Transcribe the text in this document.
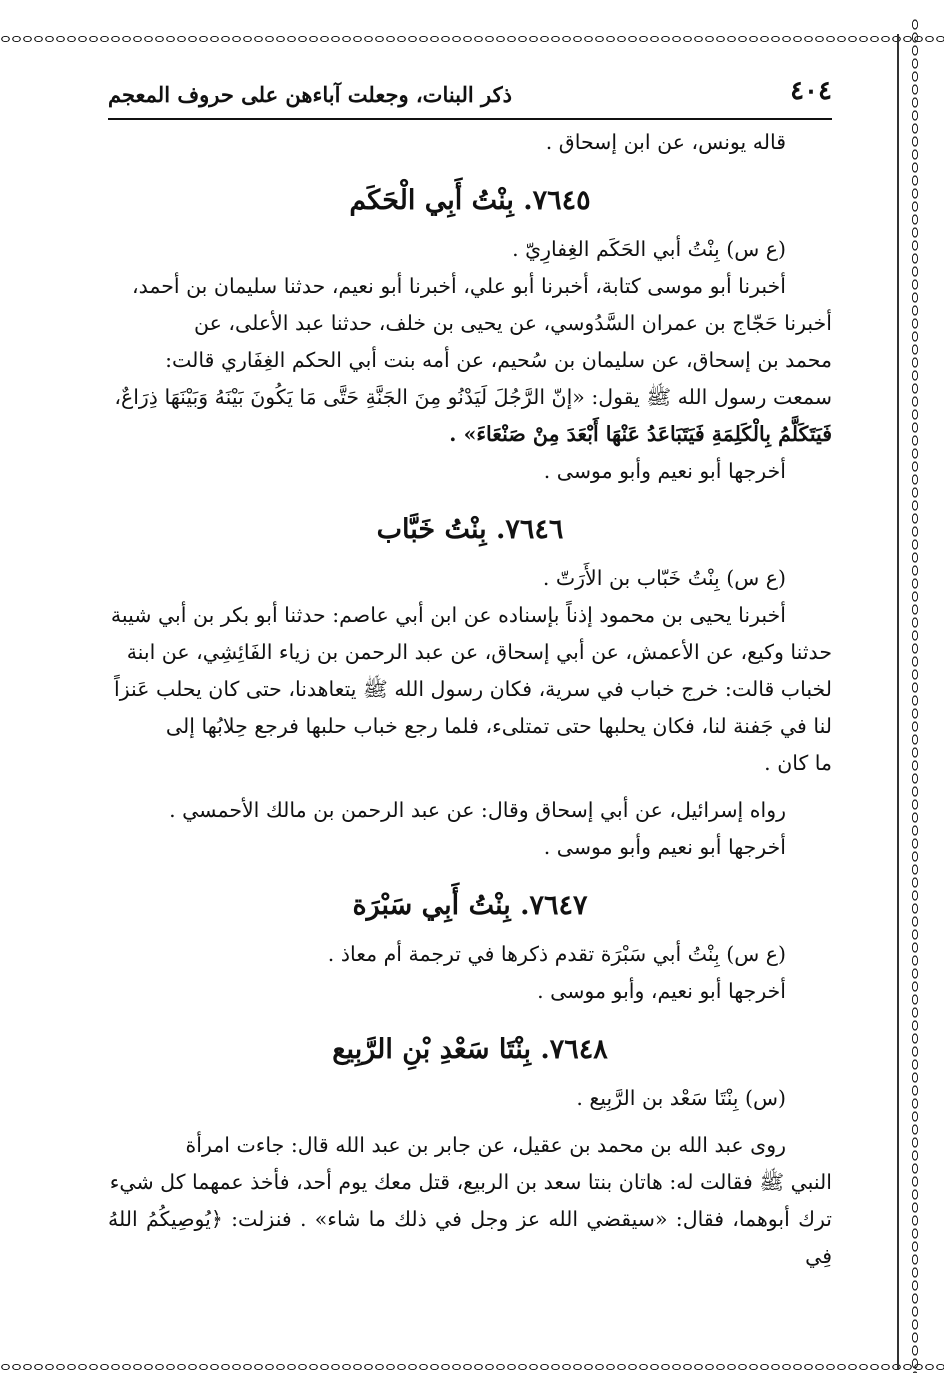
٤٠٤
ذكر البنات، وجعلت آباءهن على حروف المعجم

قاله يونس، عن ابن إسحاق .

٧٦٤٥. بِنْتُ أَبِي الْحَكَم

(ع س) بِنْتُ أبي الحَكَم الغِفارِيّ .

أخبرنا أبو موسى كتابة، أخبرنا أبو علي، أخبرنا أبو نعيم، حدثنا سليمان بن أحمد،

أخبرنا حَجّاج بن عمران السَّدُوسي، عن يحيى بن خلف، حدثنا عبد الأعلى، عن

محمد بن إسحاق، عن سليمان بن سُحيم، عن أمه بنت أبي الحكم الغِفَاري قالت:

سمعت رسول الله ﷺ يقول: «إنّ الرَّجُلَ لَيَدْنُو مِنَ الجَنَّةِ حَتَّى مَا يَكُونَ بَيْنَهُ وَبَيْنَهَا ذِرَاعٌ،

فَيَتَكَلَّمُ بِالْكَلِمَةِ فَيَتَبَاعَدُ عَنْهَا أَبْعَدَ مِنْ صَنْعَاءَ» .

أخرجها أبو نعيم وأبو موسى .

٧٦٤٦. بِنْتُ خَبَّاب

(ع س) بِنْتُ خَبّاب بن الأَرَتّ .

أخبرنا يحيى بن محمود إذناً بإسناده عن ابن أبي عاصم: حدثنا أبو بكر بن أبي شيبة

حدثنا وكيع، عن الأعمش، عن أبي إسحاق، عن عبد الرحمن بن زياء الفَائِشِي، عن ابنة

لخباب قالت: خرج خباب في سرية، فكان رسول الله ﷺ يتعاهدنا، حتى كان يحلب عَنزاً

لنا في جَفنة لنا، فكان يحلبها حتى تمتلىء، فلما رجع خباب حلبها فرجع حِلابُها إلى

ما كان .

رواه إسرائيل، عن أبي إسحاق وقال: عن عبد الرحمن بن مالك الأحمسي .

أخرجها أبو نعيم وأبو موسى .

٧٦٤٧. بِنْتُ أَبِي سَبْرَة

(ع س) بِنْتُ أبي سَبْرَة تقدم ذكرها في ترجمة أم معاذ .

أخرجها أبو نعيم، وأبو موسى .

٧٦٤٨. بِنْتَا سَعْدِ بْنِ الرَّبِيع

(س) بِنْتَا سَعْد بن الرَّبِيع .

روى عبد الله بن محمد بن عقيل، عن جابر بن عبد الله قال: جاءت امرأة

النبي ﷺ فقالت له: هاتان بنتا سعد بن الربيع، قتل معك يوم أحد، فأخذ عمهما كل شيء

ترك أبوهما، فقال: «سيقضي الله عز وجل في ذلك ما شاء» . فنزلت: ﴿يُوصِيكُمُ اللهُ فِي
